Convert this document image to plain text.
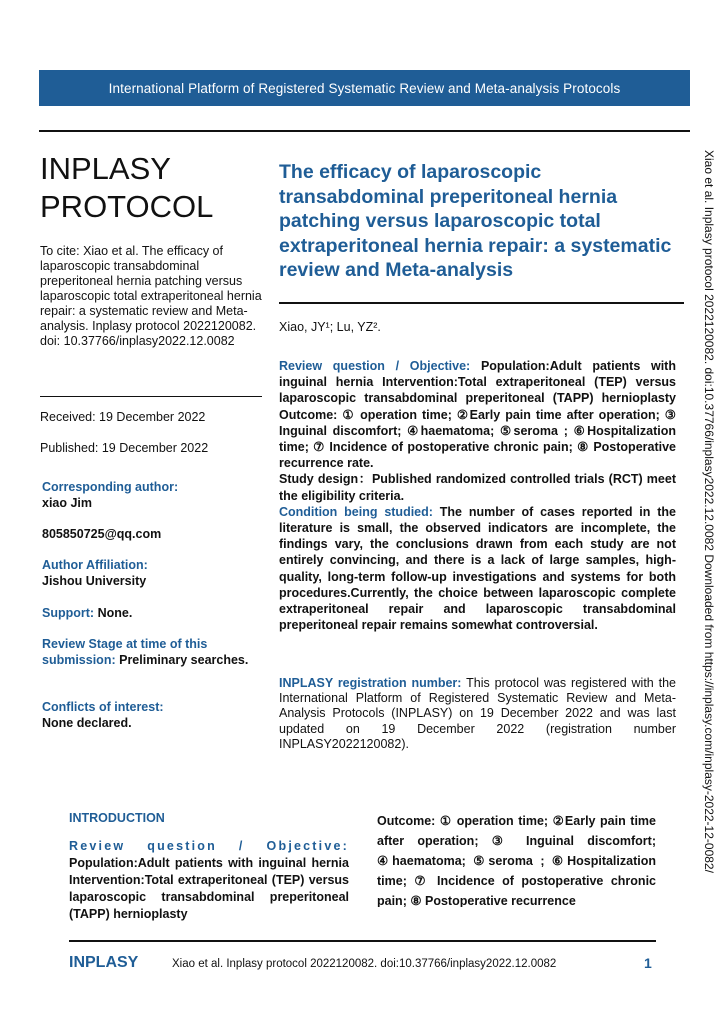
International Platform of Registered Systematic Review and Meta-analysis Protocols
INPLASY PROTOCOL
To cite: Xiao et al. The efficacy of laparoscopic transabdominal preperitoneal hernia patching versus laparoscopic total extraperitoneal hernia repair: a systematic review and Meta-analysis. Inplasy protocol 2022120082. doi: 10.37766/inplasy2022.12.0082
Received: 19 December 2022
Published: 19 December 2022
Corresponding author:
xiao Jim
805850725@qq.com
Author Affiliation:
Jishou University
Support: None.
Review Stage at time of this submission: Preliminary searches.
Conflicts of interest:
None declared.
The efficacy of laparoscopic transabdominal preperitoneal hernia patching versus laparoscopic total extraperitoneal hernia repair: a systematic review and Meta-analysis
Xiao, JY¹; Lu, YZ².

Review question / Objective: Population:Adult patients with inguinal hernia Intervention:Total extraperitoneal (TEP) versus laparoscopic transabdominal preperitoneal (TAPP) hernioplasty Outcome: ① operation time; ②Early pain time after operation; ③ Inguinal discomfort; ④haematoma; ⑤seroma ; ⑥Hospitalization time; ⑦ Incidence of postoperative chronic pain; ⑧ Postoperative recurrence rate.

Study design：Published randomized controlled trials (RCT) meet the eligibility criteria.

Condition being studied: The number of cases reported in the literature is small, the observed indicators are incomplete, the findings vary, the conclusions drawn from each study are not entirely convincing, and there is a lack of large samples, high-quality, long-term follow-up investigations and systems for both procedures.Currently, the choice between laparoscopic complete extraperitoneal repair and laparoscopic transabdominal preperitoneal repair remains somewhat controversial.

INPLASY registration number: This protocol was registered with the International Platform of Registered Systematic Review and Meta-Analysis Protocols (INPLASY) on 19 December 2022 and was last updated on 19 December 2022 (registration number INPLASY2022120082).
INTRODUCTION
Review question / Objective: Population:Adult patients with inguinal hernia Intervention:Total extraperitoneal (TEP) versus laparoscopic transabdominal preperitoneal (TAPP) hernioplasty
Outcome: ① operation time; ②Early pain time after operation; ③ Inguinal discomfort; ④haematoma; ⑤seroma ; ⑥Hospitalization time; ⑦ Incidence of postoperative chronic pain; ⑧ Postoperative recurrence
INPLASY	Xiao et al. Inplasy protocol 2022120082. doi:10.37766/inplasy2022.12.0082	1
Xiao et al. Inplasy protocol 2022120082. doi:10.37766/inplasy2022.12.0082 Downloaded from https://inplasy.com/inplasy-2022-12-0082/
